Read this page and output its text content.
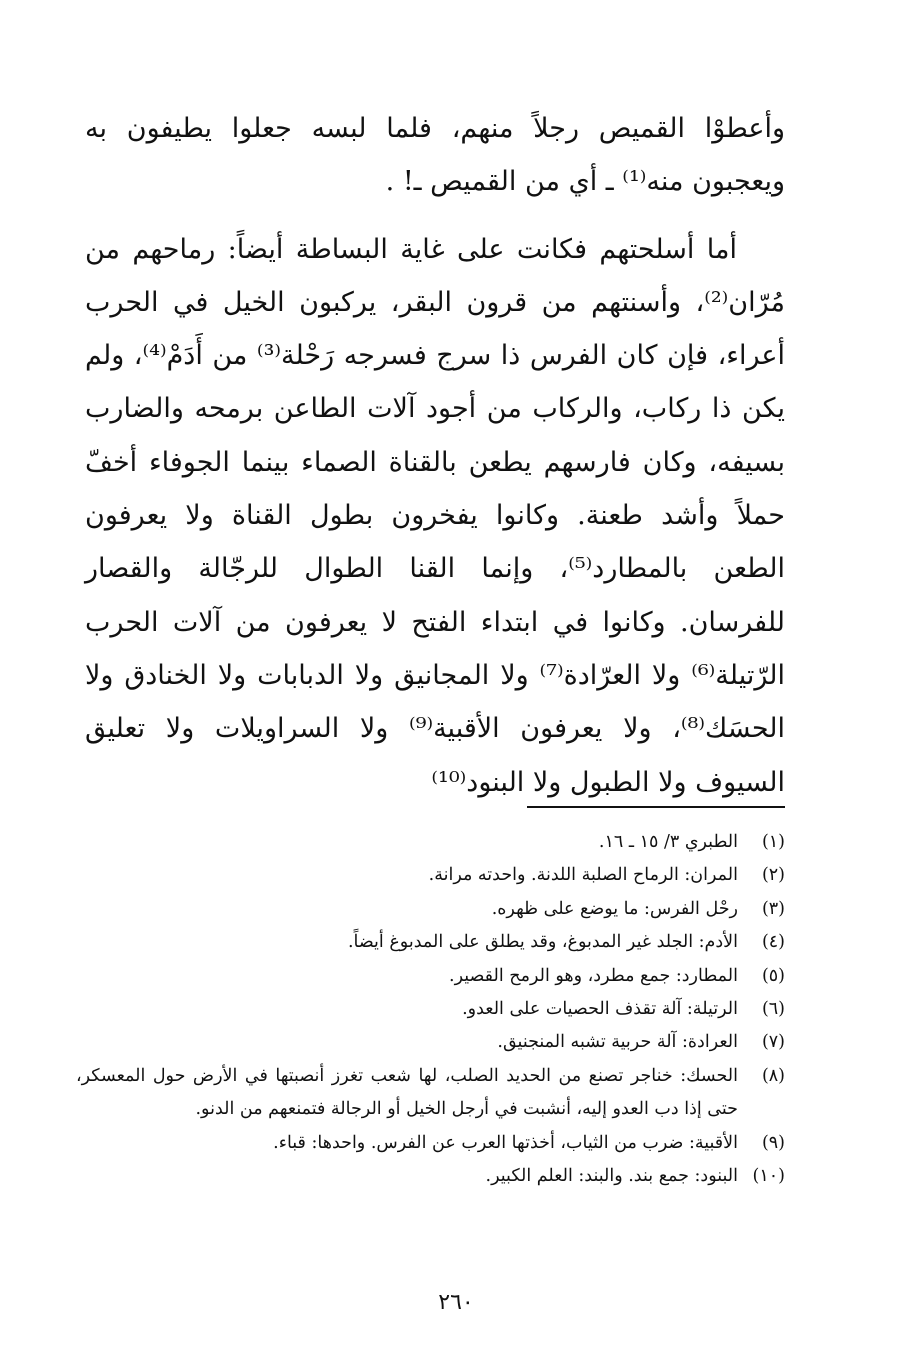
وأعطوْا القميص رجلاً منهم، فلما لبسه جعلوا يطيفون به ويعجبون منه⁽¹⁾ ـ أي من القميص ـ! .

أما أسلحتهم فكانت على غاية البساطة أيضاً: رماحهم من مُرّان⁽²⁾، وأسنتهم من قرون البقر، يركبون الخيل في الحرب أعراء، فإن كان الفرس ذا سرج فسرجه رَحْلة⁽³⁾ من أَدَمْ⁽⁴⁾، ولم يكن ذا ركاب، والركاب من أجود آلات الطاعن برمحه والضارب بسيفه، وكان فارسهم يطعن بالقناة الصماء بينما الجوفاء أخفّ حملاً وأشد طعنة. وكانوا يفخرون بطول القناة ولا يعرفون الطعن بالمطارد⁽⁵⁾، وإنما القنا الطوال للرجّالة والقصار للفرسان. وكانوا في ابتداء الفتح لا يعرفون من آلات الحرب الرّتيلة⁽⁶⁾ ولا العرّادة⁽⁷⁾ ولا المجانيق ولا الدبابات ولا الخنادق ولا الحسَك⁽⁸⁾، ولا يعرفون الأقبية⁽⁹⁾ ولا السراويلات ولا تعليق السيوف ولا الطبول ولا البنود⁽¹⁰⁾

(١)
الطبري ٣/ ١٥ ـ ١٦.
(٢)
المران: الرماح الصلبة اللدنة. واحدته مرانة.
(٣)
رحْل الفرس: ما يوضع على ظهره.
(٤)
الأدم: الجلد غير المدبوغ، وقد يطلق على المدبوغ أيضاً.
(٥)
المطارد: جمع مطرد، وهو الرمح القصير.
(٦)
الرتيلة: آلة تقذف الحصيات على العدو.
(٧)
العرادة: آلة حربية تشبه المنجنيق.
(٨)
الحسك: خناجر تصنع من الحديد الصلب، لها شعب تغرز أنصبتها في الأرض حول المعسكر، حتى إذا دب العدو إليه، أنشبت في أرجل الخيل أو الرجالة فتمنعهم من الدنو.
(٩)
الأقبية: ضرب من الثياب، أخذتها العرب عن الفرس. واحدها: قباء.
(١٠)
البنود: جمع بند. والبند: العلم الكبير.
٢٦٠
